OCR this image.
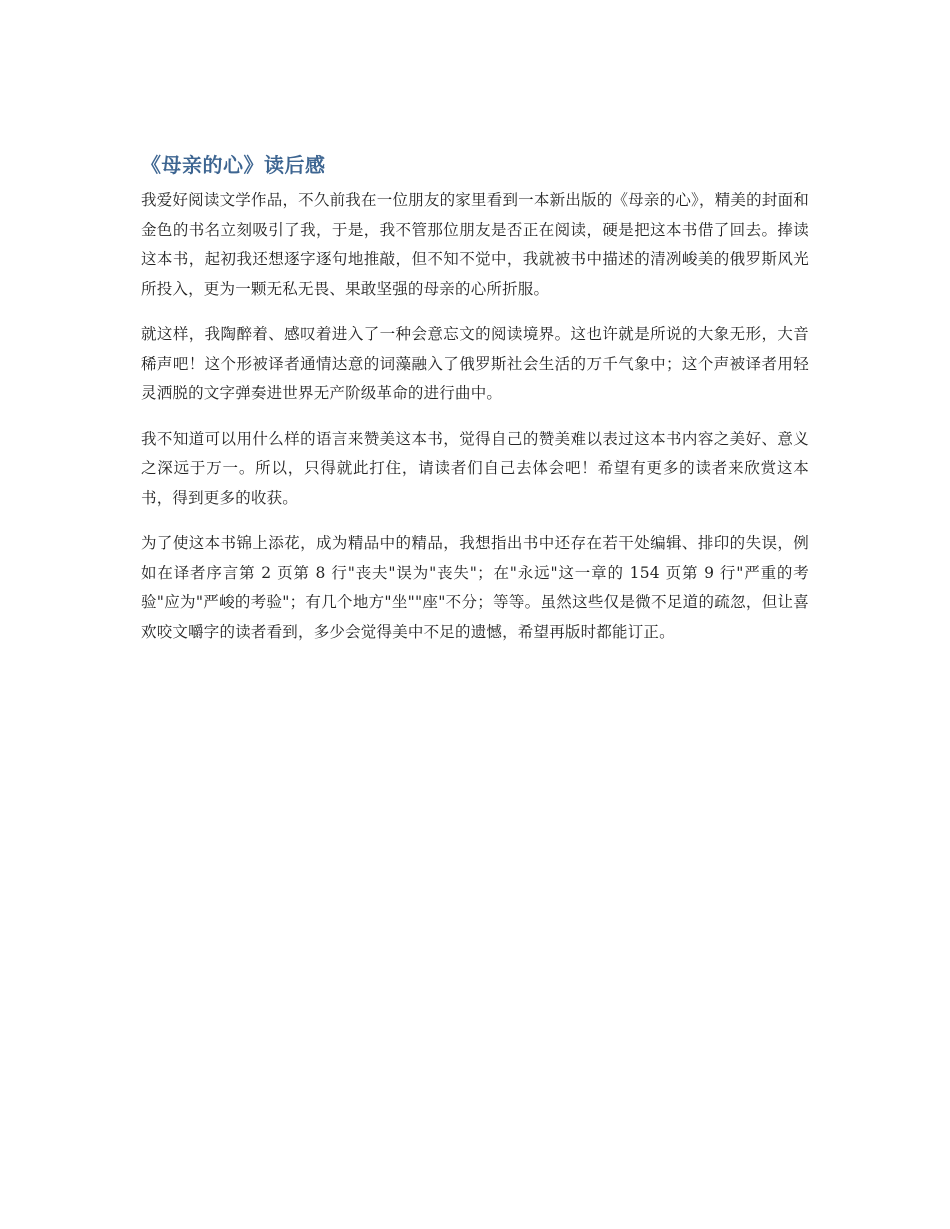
《母亲的心》读后感

我爱好阅读文学作品，不久前我在一位朋友的家里看到一本新出版的《母亲的心》，精美的封面和金色的书名立刻吸引了我，于是，我不管那位朋友是否正在阅读，硬是把这本书借了回去。捧读这本书，起初我还想逐字逐句地推敲，但不知不觉中，我就被书中描述的清冽峻美的俄罗斯风光所投入，更为一颗无私无畏、果敢坚强的母亲的心所折服。

就这样，我陶醉着、感叹着进入了一种会意忘文的阅读境界。这也许就是所说的大象无形，大音稀声吧！这个形被译者通情达意的词藻融入了俄罗斯社会生活的万千气象中；这个声被译者用轻灵洒脱的文字弹奏进世界无产阶级革命的进行曲中。

我不知道可以用什么样的语言来赞美这本书，觉得自己的赞美难以表过这本书内容之美好、意义之深远于万一。所以，只得就此打住，请读者们自己去体会吧！希望有更多的读者来欣赏这本书，得到更多的收获。

为了使这本书锦上添花，成为精品中的精品，我想指出书中还存在若干处编辑、排印的失误，例如在译者序言第 2 页第 8 行"丧夫"误为"丧失"；在"永远"这一章的 154 页第 9 行"严重的考验"应为"严峻的考验"；有几个地方"坐""座"不分；等等。虽然这些仅是微不足道的疏忽，但让喜欢咬文嚼字的读者看到，多少会觉得美中不足的遗憾，希望再版时都能订正。
